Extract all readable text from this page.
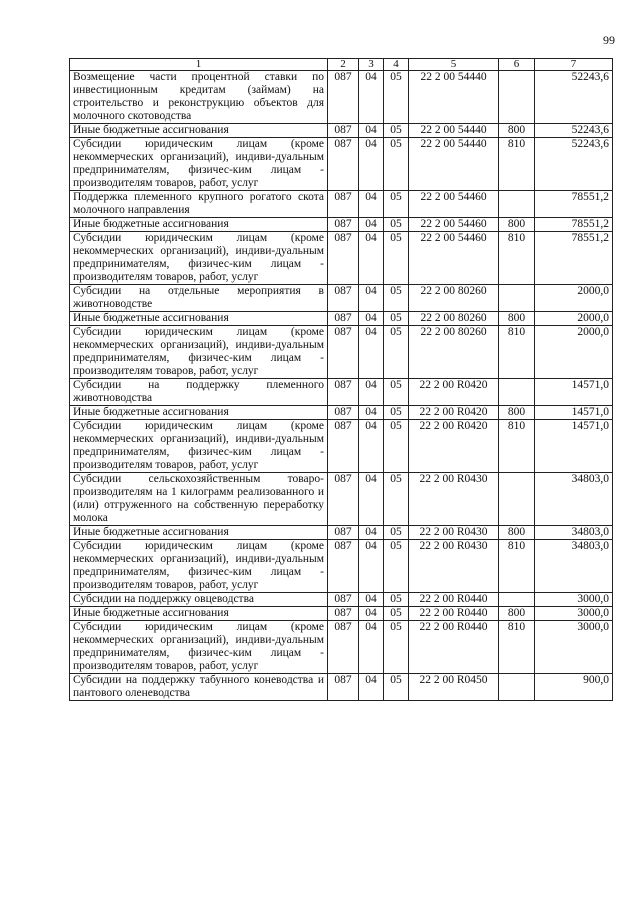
99
1	2	3	4	5	6	7
Возмещение части процентной ставки по инвестиционным кредитам (займам) на строительство и реконструкцию объектов для молочного скотоводства	087	04	05	22 2 00 54440		52243,6
Иные бюджетные ассигнования	087	04	05	22 2 00 54440	800	52243,6
Субсидии юридическим лицам (кроме некоммерческих организаций), индиви-дуальным предпринимателям, физичес-ким лицам - производителям товаров, работ, услуг	087	04	05	22 2 00 54440	810	52243,6
Поддержка племенного крупного рогатого скота молочного направления	087	04	05	22 2 00 54460		78551,2
Иные бюджетные ассигнования	087	04	05	22 2 00 54460	800	78551,2
Субсидии юридическим лицам (кроме некоммерческих организаций), индиви-дуальным предпринимателям, физичес-ким лицам - производителям товаров, работ, услуг	087	04	05	22 2 00 54460	810	78551,2
Субсидии на отдельные мероприятия в животноводстве	087	04	05	22 2 00 80260		2000,0
Иные бюджетные ассигнования	087	04	05	22 2 00 80260	800	2000,0
Субсидии юридическим лицам (кроме некоммерческих организаций), индиви-дуальным предпринимателям, физичес-ким лицам - производителям товаров, работ, услуг	087	04	05	22 2 00 80260	810	2000,0
Субсидии на поддержку племенного животноводства	087	04	05	22 2 00 R0420		14571,0
Иные бюджетные ассигнования	087	04	05	22 2 00 R0420	800	14571,0
Субсидии юридическим лицам (кроме некоммерческих организаций), индиви-дуальным предпринимателям, физичес-ким лицам - производителям товаров, работ, услуг	087	04	05	22 2 00 R0420	810	14571,0
Субсидии сельскохозяйственным товаро-производителям на 1 килограмм реализованного и (или) отгруженного на собственную переработку молока	087	04	05	22 2 00 R0430		34803,0
Иные бюджетные ассигнования	087	04	05	22 2 00 R0430	800	34803,0
Субсидии юридическим лицам (кроме некоммерческих организаций), индиви-дуальным предпринимателям, физичес-ким лицам - производителям товаров, работ, услуг	087	04	05	22 2 00 R0430	810	34803,0
Субсидии на поддержку овцеводства	087	04	05	22 2 00 R0440		3000,0
Иные бюджетные ассигнования	087	04	05	22 2 00 R0440	800	3000,0
Субсидии юридическим лицам (кроме некоммерческих организаций), индиви-дуальным предпринимателям, физичес-ким лицам - производителям товаров, работ, услуг	087	04	05	22 2 00 R0440	810	3000,0
Субсидии на поддержку табунного коневодства и пантового оленеводства	087	04	05	22 2 00 R0450		900,0
